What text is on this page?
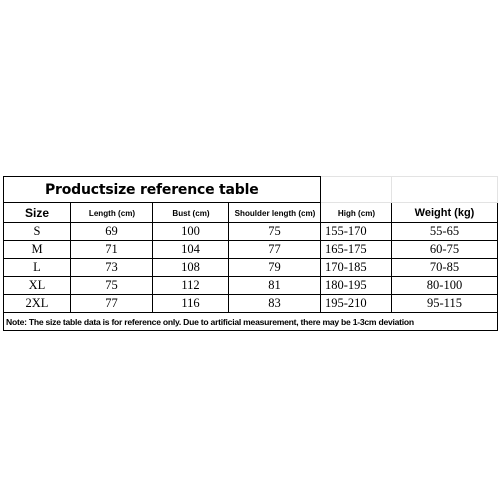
Productsize reference table					
Size	Length (cm)	Bust (cm)	Shoulder length (cm)	High (cm)	Weight (kg)
S	69	100	75	155-170	55-65
M	71	104	77	165-175	60-75
L	73	108	79	170-185	70-85
XL	75	112	81	180-195	80-100
2XL	77	116	83	195-210	95-115
Note: The size table data is for reference only. Due to artificial measurement, there may be 1-3cm deviation					
